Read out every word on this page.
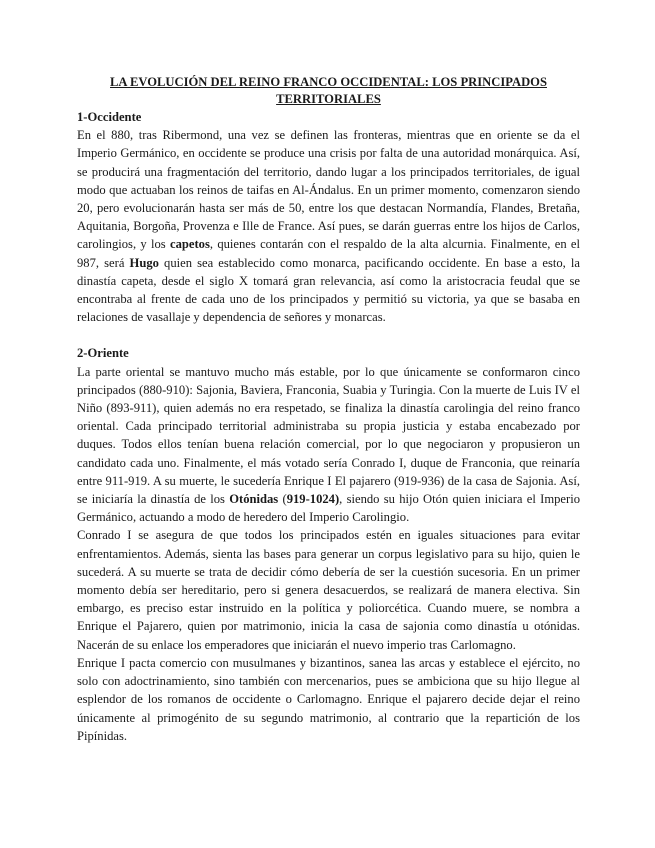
LA EVOLUCIÓN DEL REINO FRANCO OCCIDENTAL: LOS PRINCIPADOS TERRITORIALES
1-Occidente

En el 880, tras Ribermond, una vez se definen las fronteras, mientras que en oriente se da el Imperio Germánico, en occidente se produce una crisis por falta de una autoridad monárquica. Así, se producirá una fragmentación del territorio, dando lugar a los principados territoriales, de igual modo que actuaban los reinos de taifas en Al-Ándalus. En un primer momento, comenzaron siendo 20, pero evolucionarán hasta ser más de 50, entre los que destacan Normandía, Flandes, Bretaña, Aquitania, Borgoña, Provenza e Ille de France. Así pues, se darán guerras entre los hijos de Carlos, carolingios, y los capetos, quienes contarán con el respaldo de la alta alcurnia. Finalmente, en el 987, será Hugo quien sea establecido como monarca, pacificando occidente. En base a esto, la dinastía capeta, desde el siglo X tomará gran relevancia, así como la aristocracia feudal que se encontraba al frente de cada uno de los principados y permitió su victoria, ya que se basaba en relaciones de vasallaje y dependencia de señores y monarcas.

2-Oriente

La parte oriental se mantuvo mucho más estable, por lo que únicamente se conformaron cinco principados (880-910): Sajonia, Baviera, Franconia, Suabia y Turingia. Con la muerte de Luis IV el Niño (893-911), quien además no era respetado, se finaliza la dinastía carolingia del reino franco oriental. Cada principado territorial administraba su propia justicia y estaba encabezado por duques. Todos ellos tenían buena relación comercial, por lo que negociaron y propusieron un candidato cada uno. Finalmente, el más votado sería Conrado I, duque de Franconia, que reinaría entre 911-919. A su muerte, le sucedería Enrique I El pajarero (919-936) de la casa de Sajonia. Así, se iniciaría la dinastía de los Otónidas (919-1024), siendo su hijo Otón quien iniciara el Imperio Germánico, actuando a modo de heredero del Imperio Carolingio.

Conrado I se asegura de que todos los principados estén en iguales situaciones para evitar enfrentamientos. Además, sienta las bases para generar un corpus legislativo para su hijo, quien le sucederá. A su muerte se trata de decidir cómo debería de ser la cuestión sucesoria. En un primer momento debía ser hereditario, pero si genera desacuerdos, se realizará de manera electiva. Sin embargo, es preciso estar instruido en la política y poliorcética. Cuando muere, se nombra a Enrique el Pajarero, quien por matrimonio, inicia la casa de sajonia como dinastía u otónidas. Nacerán de su enlace los emperadores que iniciarán el nuevo imperio tras Carlomagno.

Enrique I pacta comercio con musulmanes y bizantinos, sanea las arcas y establece el ejército, no solo con adoctrinamiento, sino también con mercenarios, pues se ambiciona que su hijo llegue al esplendor de los romanos de occidente o Carlomagno. Enrique el pajarero decide dejar el reino únicamente al primogénito de su segundo matrimonio, al contrario que la repartición de los Pipínidas.
